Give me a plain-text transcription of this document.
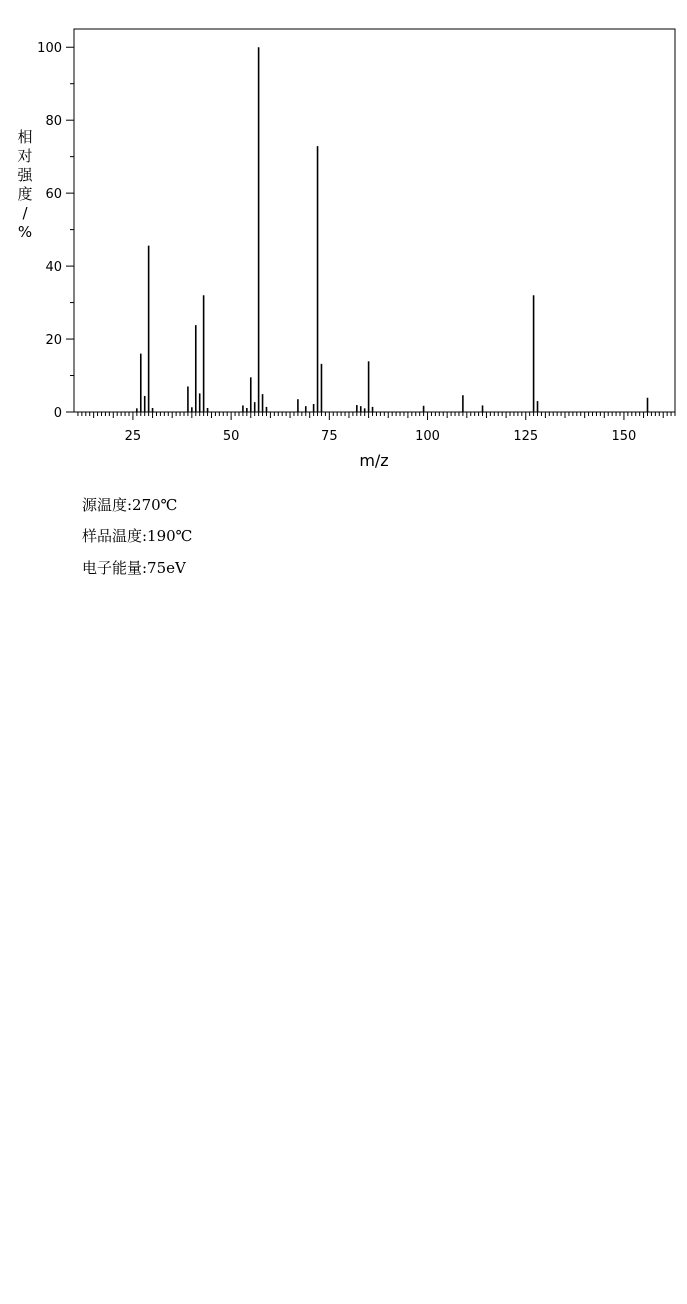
25	50	75	100	125	150
0
20
40
60
80
100
m/z
相对强度/ %
源温度:270℃
样品温度:190℃
电子能量:75eV
